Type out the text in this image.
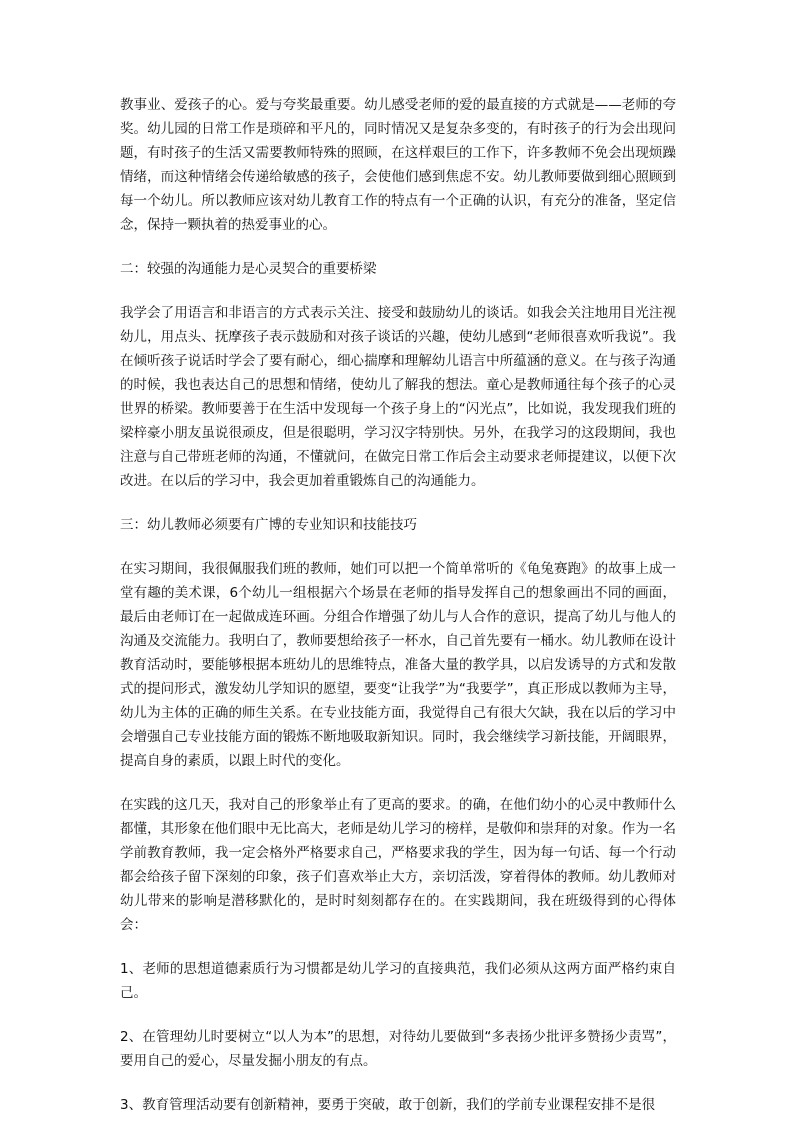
教事业、爱孩子的心。爱与夸奖最重要。幼儿感受老师的爱的最直接的方式就是——老师的夸奖。幼儿园的日常工作是琐碎和平凡的，同时情况又是复杂多变的，有时孩子的行为会出现问题，有时孩子的生活又需要教师特殊的照顾，在这样艰巨的工作下，许多教师不免会出现烦躁情绪，而这种情绪会传递给敏感的孩子，会使他们感到焦虑不安。幼儿教师要做到细心照顾到每一个幼儿。所以教师应该对幼儿教育工作的特点有一个正确的认识，有充分的准备，坚定信念，保持一颗执着的热爱事业的心。

二：较强的沟通能力是心灵契合的重要桥梁

我学会了用语言和非语言的方式表示关注、接受和鼓励幼儿的谈话。如我会关注地用目光注视幼儿，用点头、抚摩孩子表示鼓励和对孩子谈话的兴趣，使幼儿感到“老师很喜欢听我说”。我在倾听孩子说话时学会了要有耐心，细心揣摩和理解幼儿语言中所蕴涵的意义。在与孩子沟通的时候，我也表达自己的思想和情绪，使幼儿了解我的想法。童心是教师通往每个孩子的心灵世界的桥梁。教师要善于在生活中发现每一个孩子身上的“闪光点”，比如说，我发现我们班的梁梓豪小朋友虽说很顽皮，但是很聪明，学习汉字特别快。另外，在我学习的这段期间，我也注意与自己带班老师的沟通，不懂就问，在做完日常工作后会主动要求老师提建议，以便下次改进。在以后的学习中，我会更加着重锻炼自己的沟通能力。

三：幼儿教师必须要有广博的专业知识和技能技巧

在实习期间，我很佩服我们班的教师，她们可以把一个简单常听的《龟兔赛跑》的故事上成一堂有趣的美术课，6个幼儿一组根据六个场景在老师的指导发挥自己的想象画出不同的画面，最后由老师订在一起做成连环画。分组合作增强了幼儿与人合作的意识，提高了幼儿与他人的沟通及交流能力。我明白了，教师要想给孩子一杯水，自己首先要有一桶水。幼儿教师在设计教育活动时，要能够根据本班幼儿的思维特点，准备大量的教学具，以启发诱导的方式和发散式的提问形式，激发幼儿学知识的愿望，要变“让我学”为“我要学”，真正形成以教师为主导，幼儿为主体的正确的师生关系。在专业技能方面，我觉得自己有很大欠缺，我在以后的学习中会增强自己专业技能方面的锻炼不断地吸取新知识。同时，我会继续学习新技能，开阔眼界，提高自身的素质，以跟上时代的变化。

在实践的这几天，我对自己的形象举止有了更高的要求。的确，在他们幼小的心灵中教师什么都懂，其形象在他们眼中无比高大，老师是幼儿学习的榜样，是敬仰和崇拜的对象。作为一名学前教育教师，我一定会格外严格要求自己，严格要求我的学生，因为每一句话、每一个行动都会给孩子留下深刻的印象，孩子们喜欢举止大方，亲切活泼，穿着得体的教师。幼儿教师对幼儿带来的影响是潜移默化的，是时时刻刻都存在的。在实践期间，我在班级得到的心得体会：

1、老师的思想道德素质行为习惯都是幼儿学习的直接典范，我们必须从这两方面严格约束自己。

2、在管理幼儿时要树立“以人为本”的思想，对待幼儿要做到“多表扬少批评多赞扬少责骂”，要用自己的爱心，尽量发掘小朋友的有点。

3、教育管理活动要有创新精神，要勇于突破，敢于创新，我们的学前专业课程安排不是很
